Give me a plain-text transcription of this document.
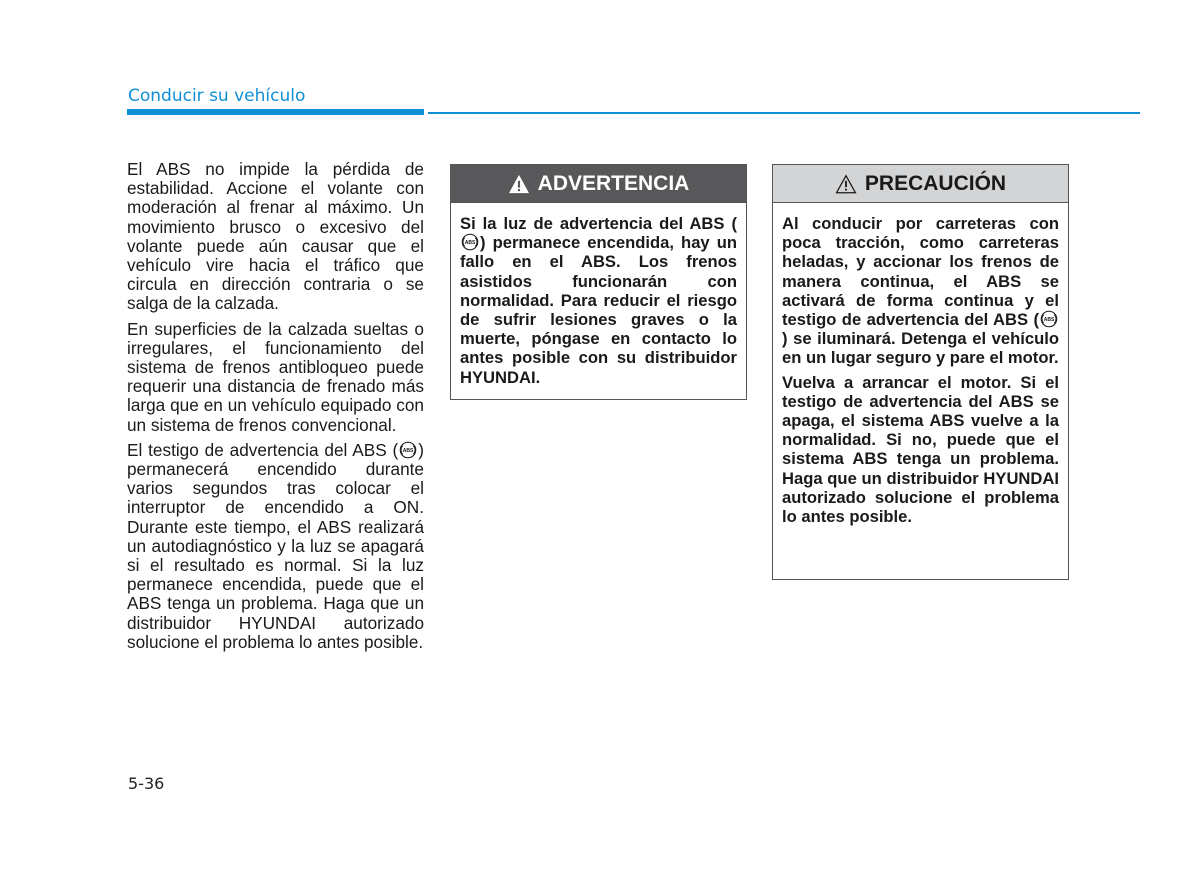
Conducir su vehículo

El ABS no impide la pérdida de estabilidad. Accione el volante con moderación al frenar al máximo. Un movimiento brusco o excesivo del volante puede aún causar que el vehículo vire hacia el tráfico que circula en dirección contraria o se salga de la calzada.

En superficies de la calzada sueltas o irregulares, el funcionamiento del sistema de frenos antibloqueo puede requerir una distancia de frenado más larga que en un vehículo equipado con un sistema de frenos convencional.

El testigo de advertencia del ABS ( ABS ) permanecerá encendido durante varios segundos tras colocar el interruptor de encendido a ON. Durante este tiempo, el ABS realizará un autodiagnóstico y la luz se apagará si el resultado es normal. Si la luz permanece encendida, puede que el ABS tenga un problema. Haga que un distribuidor HYUNDAI autorizado solucione el problema lo antes posible.

ADVERTENCIA

Si la luz de advertencia del ABS (
ABS ) permanece encendida, hay un fallo en el ABS. Los frenos asistidos funcionarán con normalidad. Para reducir el riesgo de sufrir lesiones graves o la muerte, póngase en contacto lo antes posible con su distribuidor HYUNDAI.

PRECAUCIÓN

Al conducir por carreteras con poca tracción, como carreteras heladas, y accionar los frenos de manera continua, el ABS se activará de forma continua y el testigo de advertencia del ABS ( ABS
) se iluminará. Detenga el vehículo en un lugar seguro y pare el motor.

Vuelva a arrancar el motor. Si el testigo de advertencia del ABS se apaga, el sistema ABS vuelve a la normalidad. Si no, puede que el sistema ABS tenga un problema. Haga que un distribuidor HYUNDAI autorizado solucione el problema lo antes posible.

5-36
